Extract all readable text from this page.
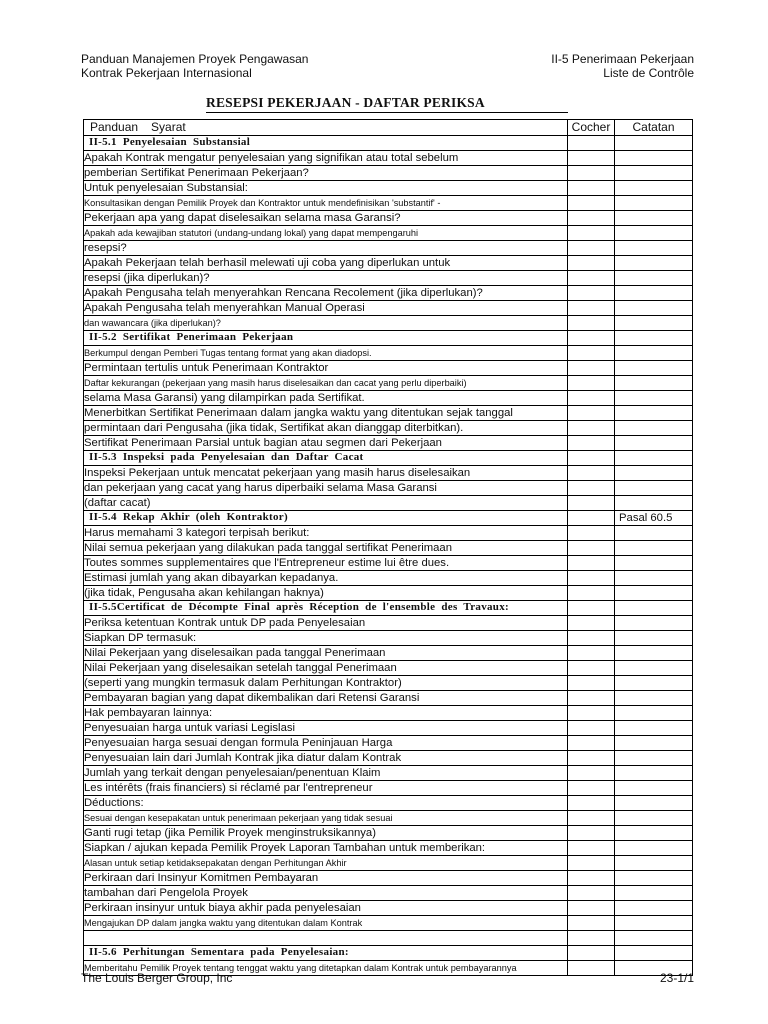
Panduan Manajemen Proyek Pengawasan
Kontrak Pekerjaan Internasional
II-5 Penerimaan Pekerjaan
Liste de Contrôle
RESEPSI PEKERJAAN - DAFTAR PERIKSA
Panduan Syarat	Cocher	Catatan
II-5.1 Penyelesaian Substansial		
Apakah Kontrak mengatur penyelesaian yang signifikan atau total sebelum		
pemberian Sertifikat Penerimaan Pekerjaan?		
Untuk penyelesaian Substansial:		
Konsultasikan dengan Pemilik Proyek dan Kontraktor untuk mendefinisikan 'substantif' -		
Pekerjaan apa yang dapat diselesaikan selama masa Garansi?		
Apakah ada kewajiban statutori (undang-undang lokal) yang dapat mempengaruhi		
resepsi?		
Apakah Pekerjaan telah berhasil melewati uji coba yang diperlukan untuk		
resepsi (jika diperlukan)?		
Apakah Pengusaha telah menyerahkan Rencana Recolement (jika diperlukan)?		
Apakah Pengusaha telah menyerahkan Manual Operasi		
dan wawancara (jika diperlukan)?		
II-5.2 Sertifikat Penerimaan Pekerjaan		
Berkumpul dengan Pemberi Tugas tentang format yang akan diadopsi.		
Permintaan tertulis untuk Penerimaan Kontraktor		
Daftar kekurangan (pekerjaan yang masih harus diselesaikan dan cacat yang perlu diperbaiki)		
selama Masa Garansi) yang dilampirkan pada Sertifikat.		
Menerbitkan Sertifikat Penerimaan dalam jangka waktu yang ditentukan sejak tanggal		
permintaan dari Pengusaha (jika tidak, Sertifikat akan dianggap diterbitkan).		
Sertifikat Penerimaan Parsial untuk bagian atau segmen dari Pekerjaan		
II-5.3 Inspeksi pada Penyelesaian dan Daftar Cacat		
Inspeksi Pekerjaan untuk mencatat pekerjaan yang masih harus diselesaikan		
dan pekerjaan yang cacat yang harus diperbaiki selama Masa Garansi		
(daftar cacat)		
II-5.4 Rekap Akhir (oleh Kontraktor)		Pasal 60.5
Harus memahami 3 kategori terpisah berikut:		
Nilai semua pekerjaan yang dilakukan pada tanggal sertifikat Penerimaan		
Toutes sommes supplementaires que l'Entrepreneur estime lui être dues.		
Estimasi jumlah yang akan dibayarkan kepadanya.		
(jika tidak, Pengusaha akan kehilangan haknya)		
II-5.5Certificat de Décompte Final après Réception de l'ensemble des Travaux:		
Periksa ketentuan Kontrak untuk DP pada Penyelesaian		
Siapkan DP termasuk:		
Nilai Pekerjaan yang diselesaikan pada tanggal Penerimaan		
Nilai Pekerjaan yang diselesaikan setelah tanggal Penerimaan		
(seperti yang mungkin termasuk dalam Perhitungan Kontraktor)		
Pembayaran bagian yang dapat dikembalikan dari Retensi Garansi		
Hak pembayaran lainnya:		
Penyesuaian harga untuk variasi Legislasi		
Penyesuaian harga sesuai dengan formula Peninjauan Harga		
Penyesuaian lain dari Jumlah Kontrak jika diatur dalam Kontrak		
Jumlah yang terkait dengan penyelesaian/penentuan Klaim		
Les intérêts (frais financiers) si réclamé par l'entrepreneur		
Déductions:		
Sesuai dengan kesepakatan untuk penerimaan pekerjaan yang tidak sesuai		
Ganti rugi tetap (jika Pemilik Proyek menginstruksikannya)		
Siapkan / ajukan kepada Pemilik Proyek Laporan Tambahan untuk memberikan:		
Alasan untuk setiap ketidaksepakatan dengan Perhitungan Akhir		
Perkiraan dari Insinyur Komitmen Pembayaran		
tambahan dari Pengelola Proyek		
Perkiraan insinyur untuk biaya akhir pada penyelesaian		
Mengajukan DP dalam jangka waktu yang ditentukan dalam Kontrak		

II-5.6 Perhitungan Sementara pada Penyelesaian:		
Memberitahu Pemilik Proyek tentang tenggat waktu yang ditetapkan dalam Kontrak untuk pembayarannya		
The Louis Berger Group, Inc	23-1/1
